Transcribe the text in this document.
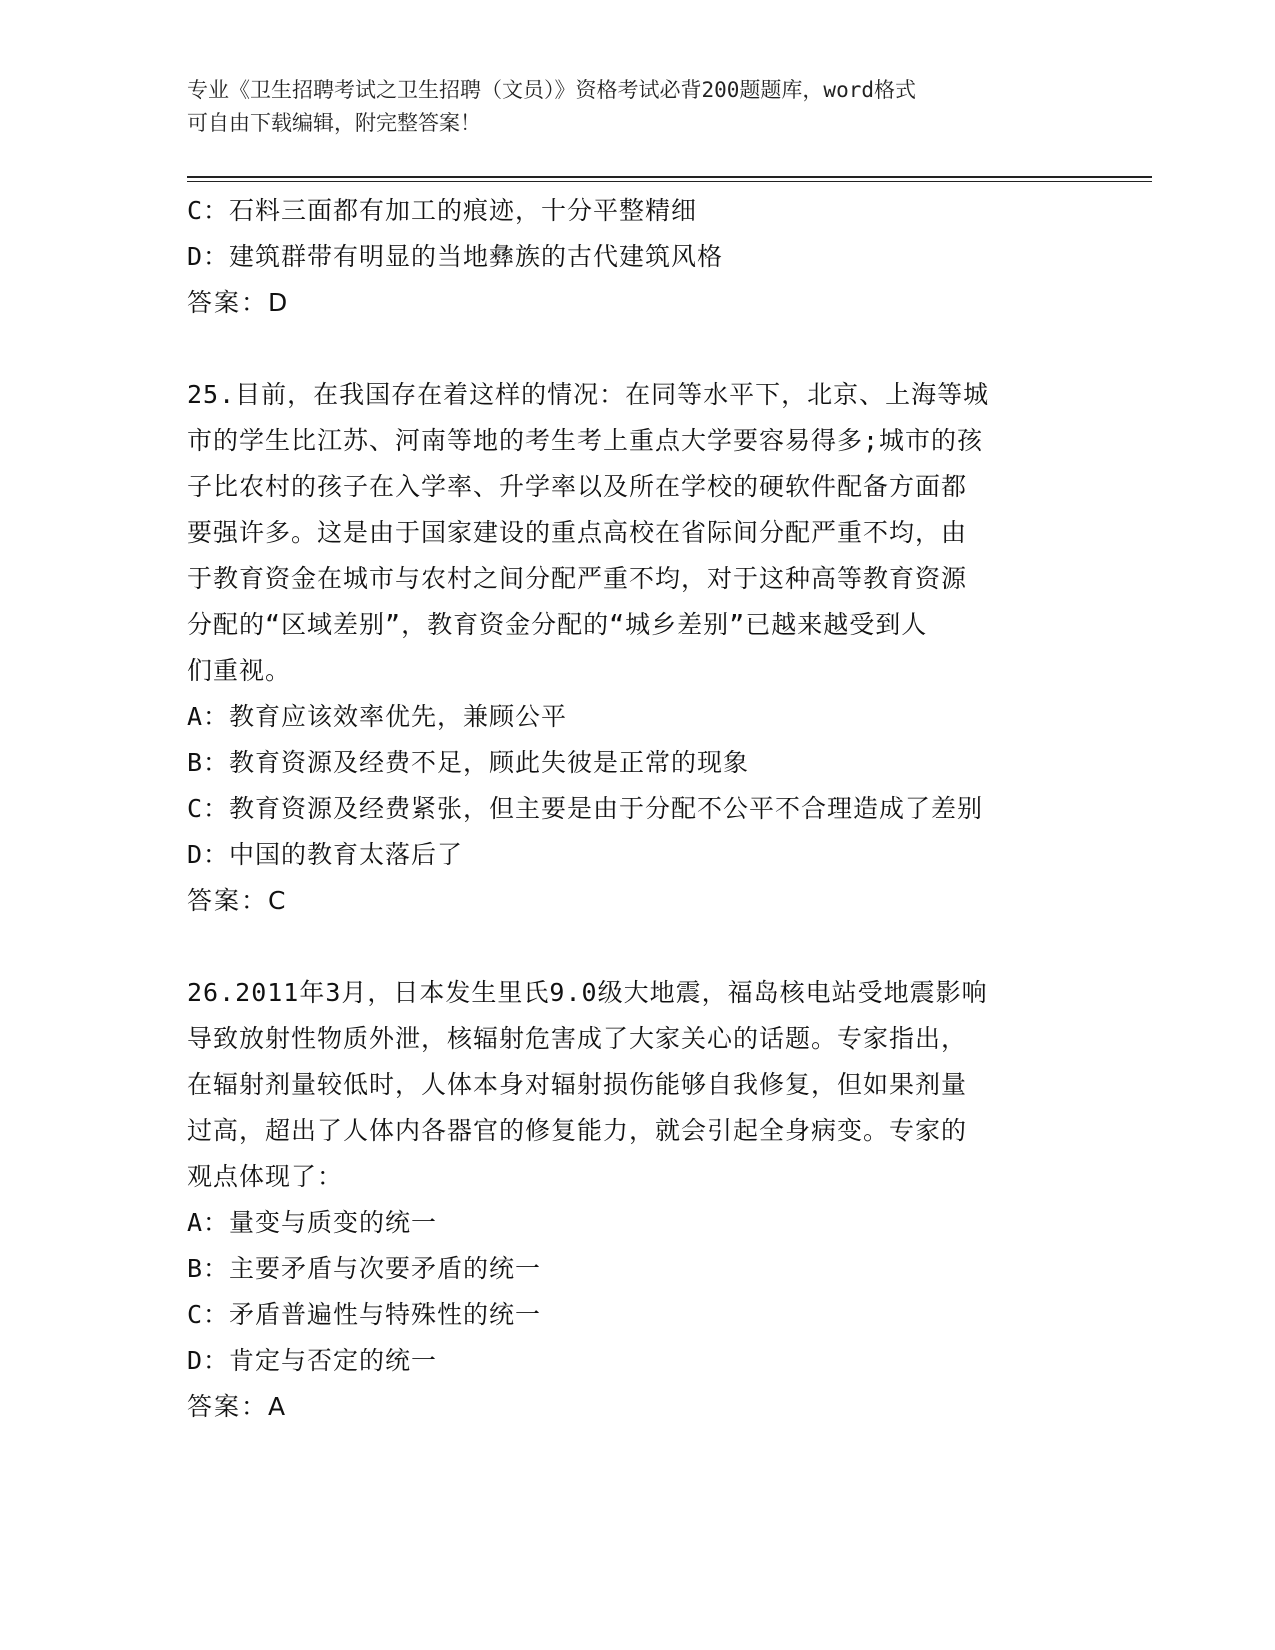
专业《卫生招聘考试之卫生招聘（文员）》资格考试必背200题题库，word格式

可自由下载编辑，附完整答案！

C：石料三面都有加工的痕迹，十分平整精细

D：建筑群带有明显的当地彝族的古代建筑风格

答案：D

25.目前，在我国存在着这样的情况：在同等水平下，北京、上海等城

市的学生比江苏、河南等地的考生考上重点大学要容易得多;城市的孩

子比农村的孩子在入学率、升学率以及所在学校的硬软件配备方面都

要强许多。这是由于国家建设的重点高校在省际间分配严重不均，由

于教育资金在城市与农村之间分配严重不均，对于这种高等教育资源

分配的“区域差别”，教育资金分配的“城乡差别”已越来越受到人

们重视。

A：教育应该效率优先，兼顾公平

B：教育资源及经费不足，顾此失彼是正常的现象

C：教育资源及经费紧张，但主要是由于分配不公平不合理造成了差别

D：中国的教育太落后了

答案：C

26.2011年3月，日本发生里氏9.0级大地震，福岛核电站受地震影响

导致放射性物质外泄，核辐射危害成了大家关心的话题。专家指出，

在辐射剂量较低时，人体本身对辐射损伤能够自我修复，但如果剂量

过高，超出了人体内各器官的修复能力，就会引起全身病变。专家的

观点体现了：

A：量变与质变的统一

B：主要矛盾与次要矛盾的统一

C：矛盾普遍性与特殊性的统一

D：肯定与否定的统一

答案：A
